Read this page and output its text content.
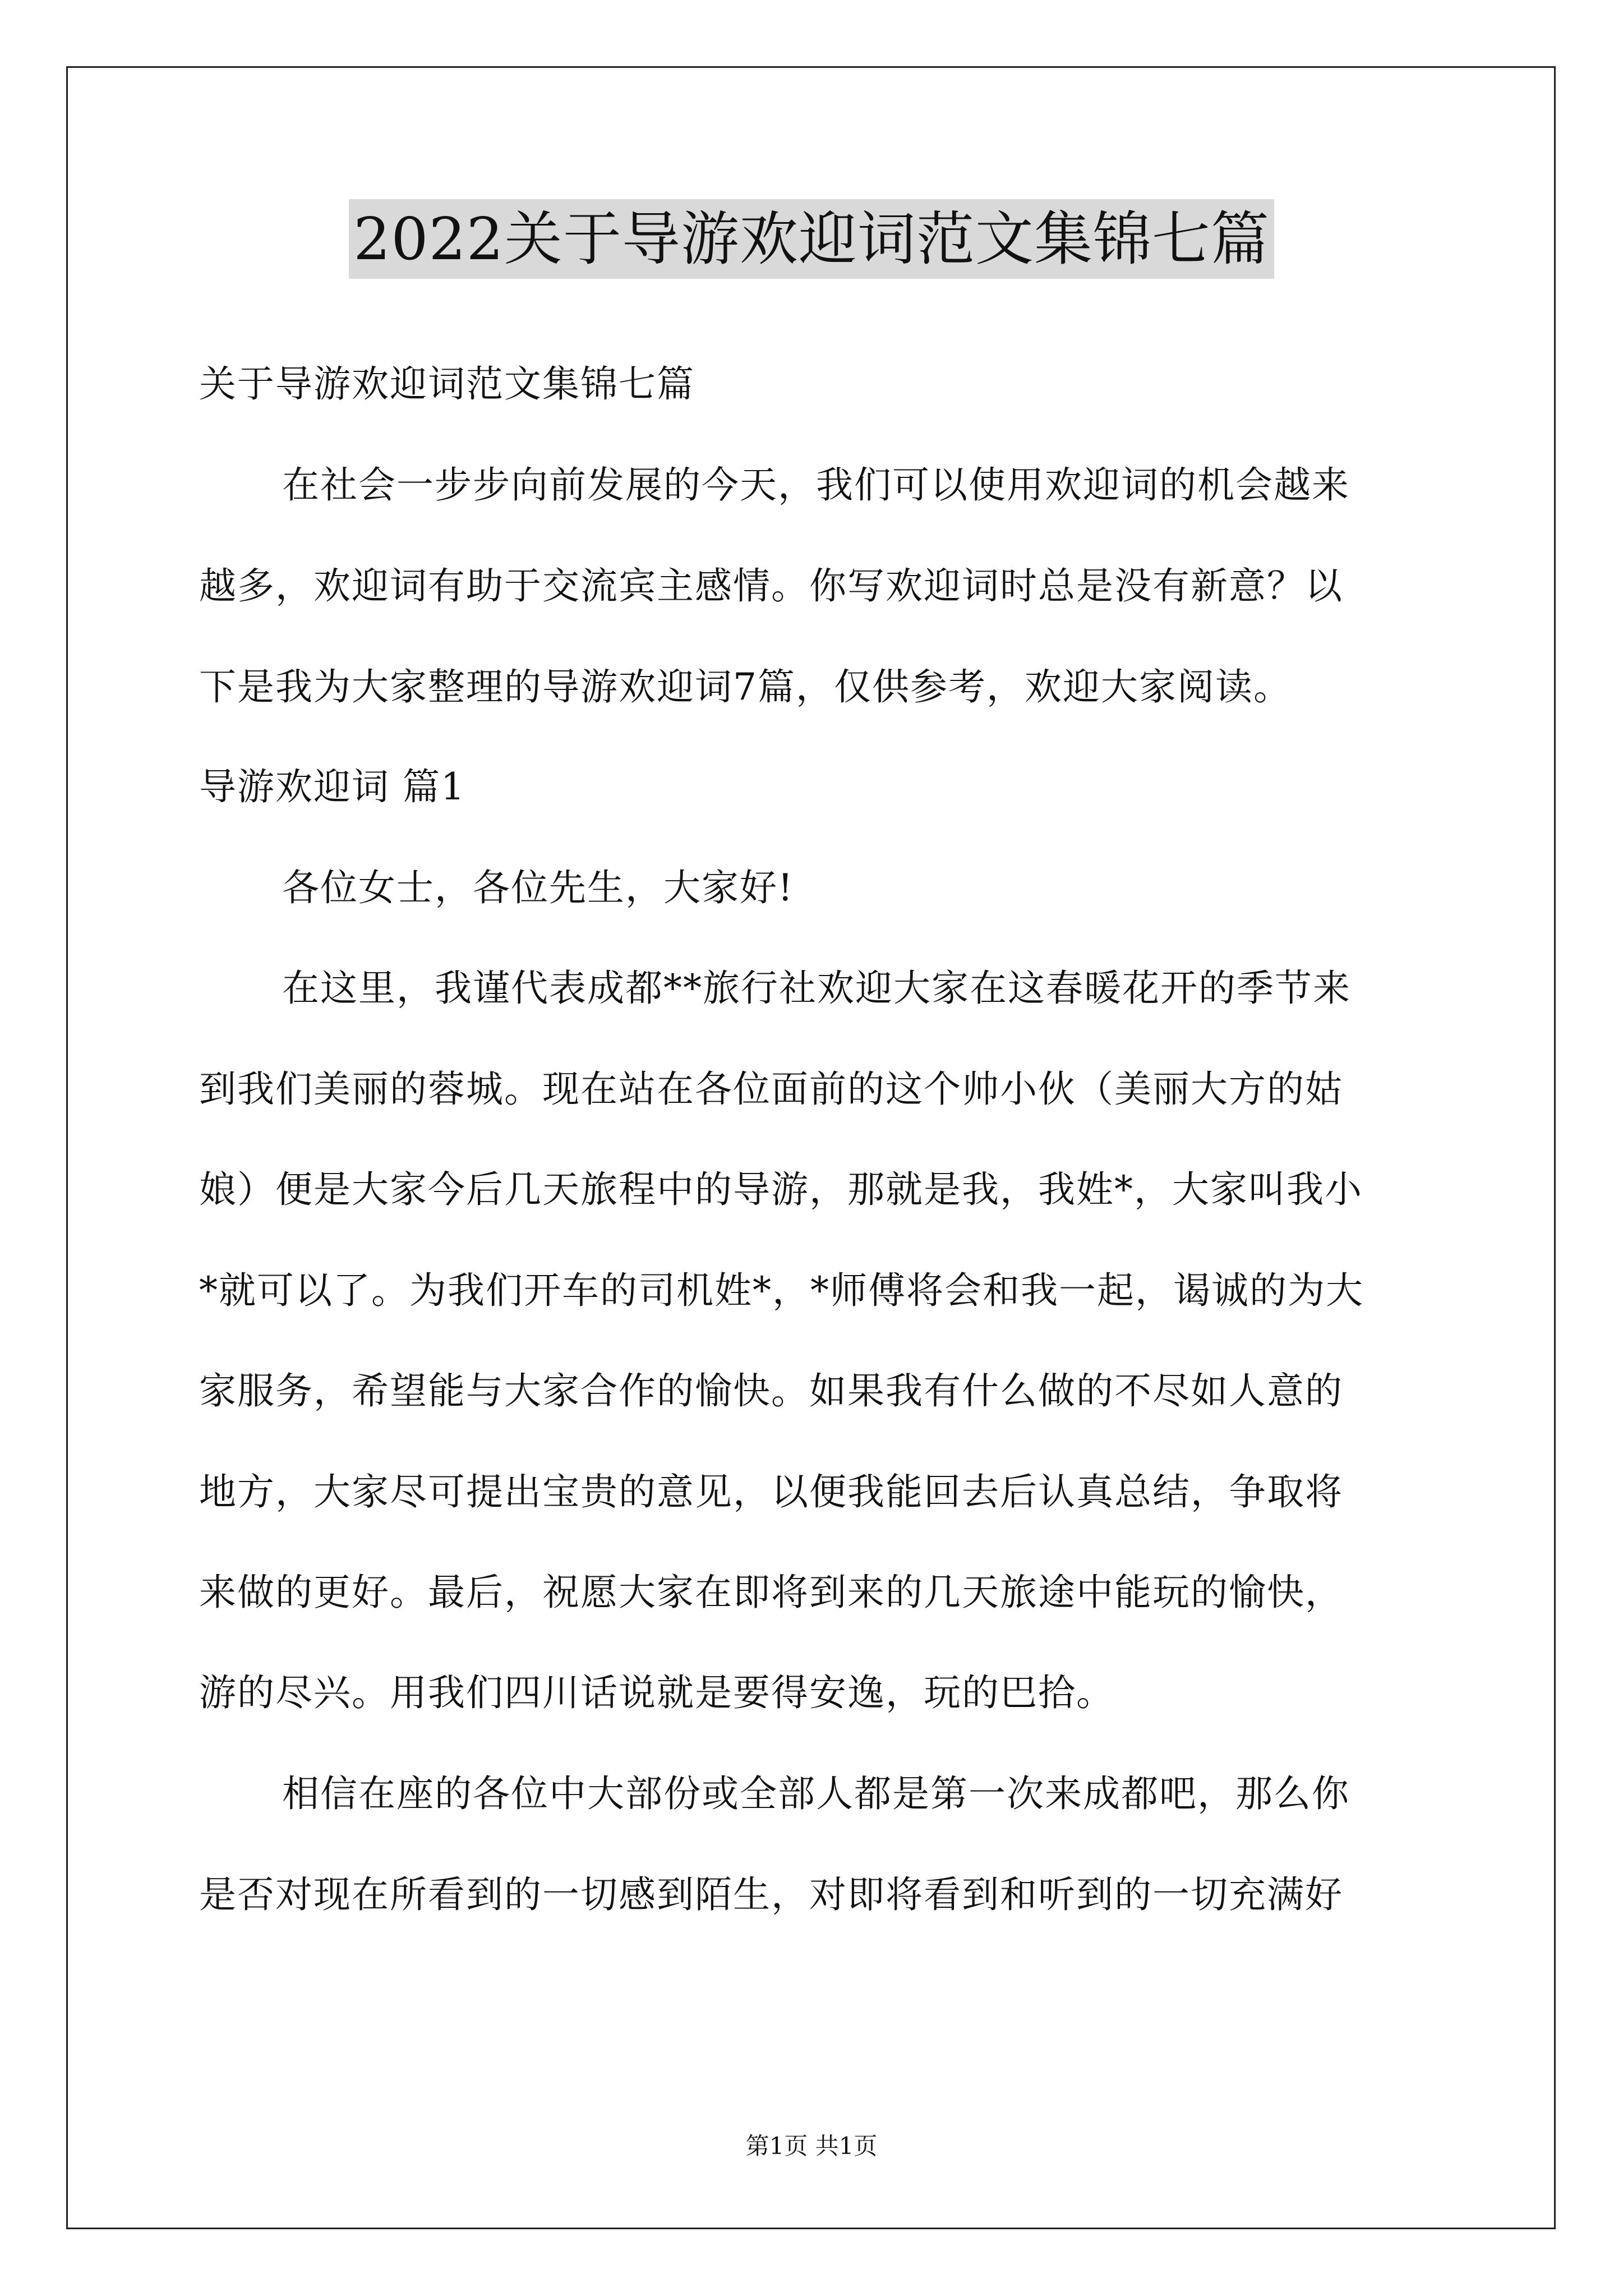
2022关于导游欢迎词范文集锦七篇
关于导游欢迎词范文集锦七篇
在社会一步步向前发展的今天，我们可以使用欢迎词的机会越来
越多，欢迎词有助于交流宾主感情。你写欢迎词时总是没有新意？以
下是我为大家整理的导游欢迎词7篇，仅供参考，欢迎大家阅读。
导游欢迎词 篇1
各位女士，各位先生，大家好!
在这里，我谨代表成都**旅行社欢迎大家在这春暖花开的季节来
到我们美丽的蓉城。现在站在各位面前的这个帅小伙（美丽大方的姑
娘）便是大家今后几天旅程中的导游，那就是我，我姓*，大家叫我小
*就可以了。为我们开车的司机姓*，*师傅将会和我一起，谒诚的为大
家服务，希望能与大家合作的愉快。如果我有什么做的不尽如人意的
地方，大家尽可提出宝贵的意见，以便我能回去后认真总结，争取将
来做的更好。最后，祝愿大家在即将到来的几天旅途中能玩的愉快，
游的尽兴。用我们四川话说就是要得安逸，玩的巴拾。
相信在座的各位中大部份或全部人都是第一次来成都吧，那么你
是否对现在所看到的一切感到陌生，对即将看到和听到的一切充满好
第1页 共1页
